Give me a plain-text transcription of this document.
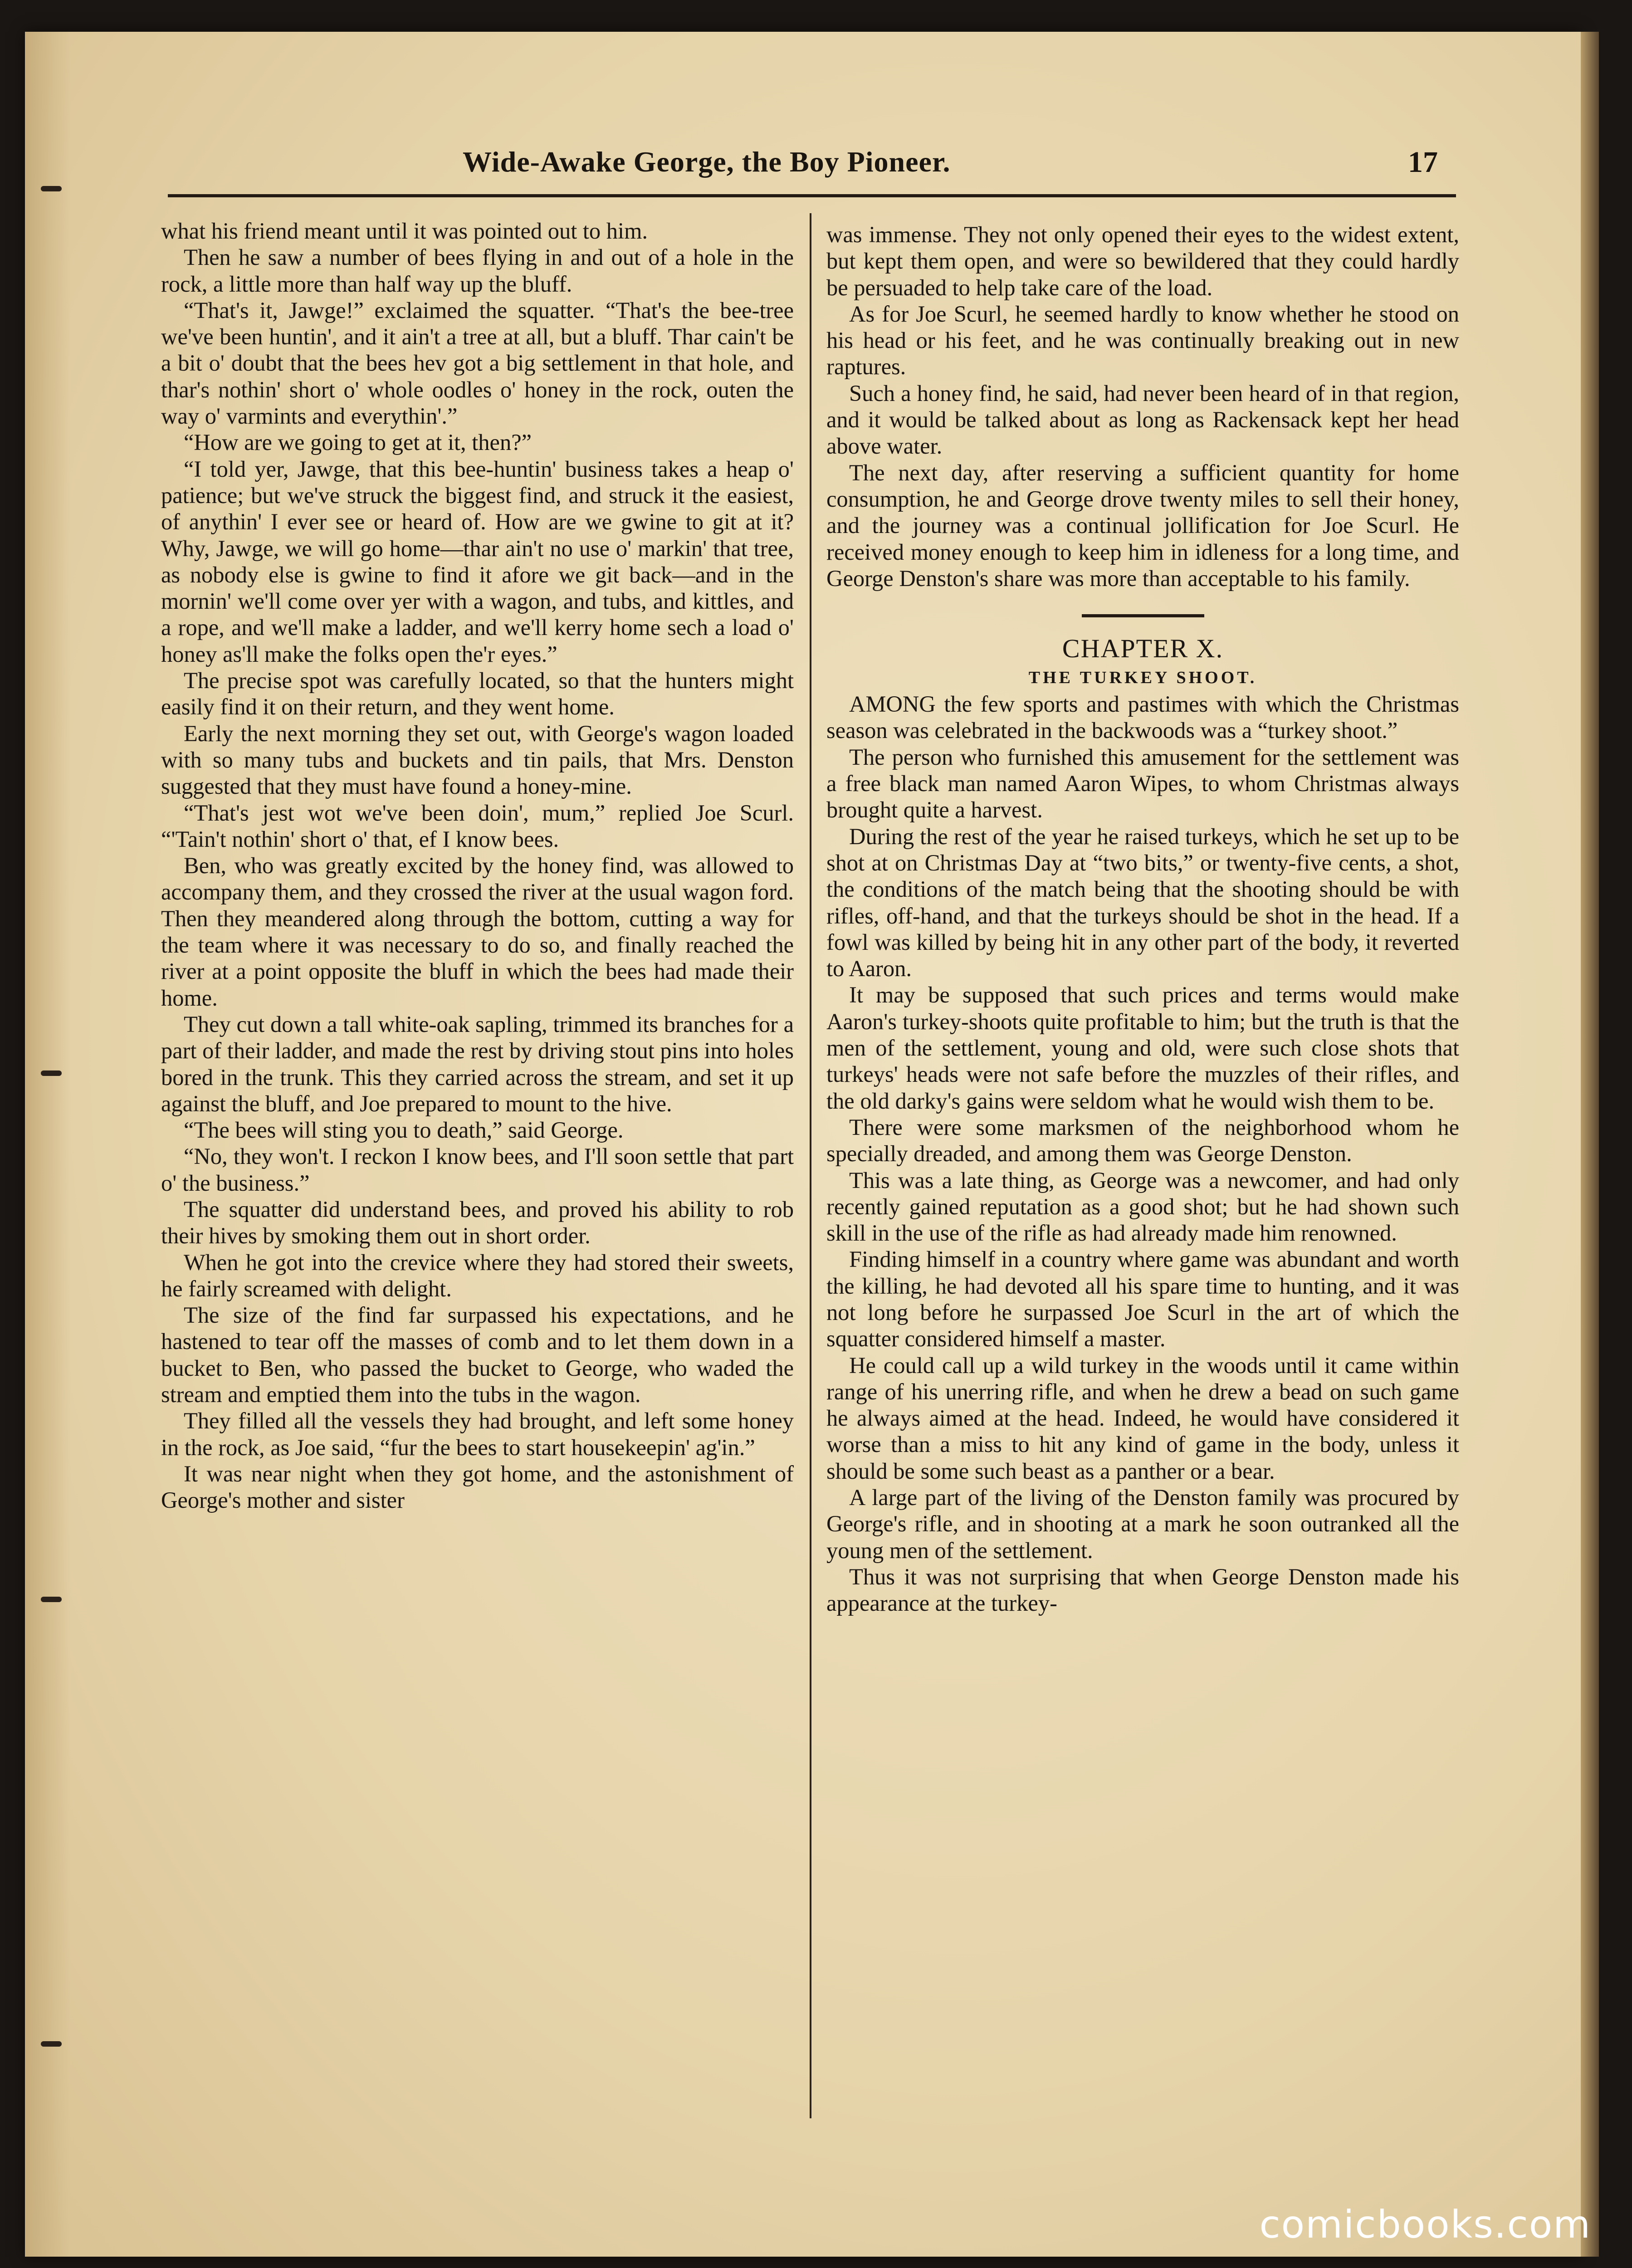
Wide-Awake George, the Boy Pioneer.	17

what his friend meant until it was pointed out to him.

Then he saw a number of bees flying in and out of a hole in the rock, a little more than half way up the bluff.

“That's it, Jawge!” exclaimed the squatter. “That's the bee-tree we've been huntin', and it ain't a tree at all, but a bluff. Thar cain't be a bit o' doubt that the bees hev got a big settlement in that hole, and thar's nothin' short o' whole oodles o' honey in the rock, outen the way o' varmints and everythin'.”

“How are we going to get at it, then?”

“I told yer, Jawge, that this bee-huntin' business takes a heap o' patience; but we've struck the biggest find, and struck it the easiest, of anythin' I ever see or heard of. How are we gwine to git at it? Why, Jawge, we will go home—thar ain't no use o' markin' that tree, as nobody else is gwine to find it afore we git back—and in the mornin' we'll come over yer with a wagon, and tubs, and kittles, and a rope, and we'll make a ladder, and we'll kerry home sech a load o' honey as'll make the folks open the'r eyes.”

The precise spot was carefully located, so that the hunters might easily find it on their return, and they went home.

Early the next morning they set out, with George's wagon loaded with so many tubs and buckets and tin pails, that Mrs. Denston suggested that they must have found a honey-mine.

“That's jest wot we've been doin', mum,” replied Joe Scurl. “'Tain't nothin' short o' that, ef I know bees.

Ben, who was greatly excited by the honey find, was allowed to accompany them, and they crossed the river at the usual wagon ford. Then they meandered along through the bottom, cutting a way for the team where it was necessary to do so, and finally reached the river at a point opposite the bluff in which the bees had made their home.

They cut down a tall white-oak sapling, trimmed its branches for a part of their ladder, and made the rest by driving stout pins into holes bored in the trunk. This they carried across the stream, and set it up against the bluff, and Joe prepared to mount to the hive.

“The bees will sting you to death,” said George.

“No, they won't. I reckon I know bees, and I'll soon settle that part o' the business.”

The squatter did understand bees, and proved his ability to rob their hives by smoking them out in short order.

When he got into the crevice where they had stored their sweets, he fairly screamed with delight.

The size of the find far surpassed his expectations, and he hastened to tear off the masses of comb and to let them down in a bucket to Ben, who passed the bucket to George, who waded the stream and emptied them into the tubs in the wagon.

They filled all the vessels they had brought, and left some honey in the rock, as Joe said, “fur the bees to start housekeepin' ag'in.”

It was near night when they got home, and the astonishment of George's mother and sister

was immense. They not only opened their eyes to the widest extent, but kept them open, and were so bewildered that they could hardly be persuaded to help take care of the load.

As for Joe Scurl, he seemed hardly to know whether he stood on his head or his feet, and he was continually breaking out in new raptures.

Such a honey find, he said, had never been heard of in that region, and it would be talked about as long as Rackensack kept her head above water.

The next day, after reserving a sufficient quantity for home consumption, he and George drove twenty miles to sell their honey, and the journey was a continual jollification for Joe Scurl. He received money enough to keep him in idleness for a long time, and George Denston's share was more than acceptable to his family.

CHAPTER X.

THE TURKEY SHOOT.

AMONG the few sports and pastimes with which the Christmas season was celebrated in the backwoods was a “turkey shoot.”

The person who furnished this amusement for the settlement was a free black man named Aaron Wipes, to whom Christmas always brought quite a harvest.

During the rest of the year he raised turkeys, which he set up to be shot at on Christmas Day at “two bits,” or twenty-five cents, a shot, the conditions of the match being that the shooting should be with rifles, off-hand, and that the turkeys should be shot in the head. If a fowl was killed by being hit in any other part of the body, it reverted to Aaron.

It may be supposed that such prices and terms would make Aaron's turkey-shoots quite profitable to him; but the truth is that the men of the settlement, young and old, were such close shots that turkeys' heads were not safe before the muzzles of their rifles, and the old darky's gains were seldom what he would wish them to be.

There were some marksmen of the neighborhood whom he specially dreaded, and among them was George Denston.

This was a late thing, as George was a newcomer, and had only recently gained reputation as a good shot; but he had shown such skill in the use of the rifle as had already made him renowned.

Finding himself in a country where game was abundant and worth the killing, he had devoted all his spare time to hunting, and it was not long before he surpassed Joe Scurl in the art of which the squatter considered himself a master.

He could call up a wild turkey in the woods until it came within range of his unerring rifle, and when he drew a bead on such game he always aimed at the head. Indeed, he would have considered it worse than a miss to hit any kind of game in the body, unless it should be some such beast as a panther or a bear.

A large part of the living of the Denston family was procured by George's rifle, and in shooting at a mark he soon outranked all the young men of the settlement.

Thus it was not surprising that when George Denston made his appearance at the turkey-

comicbooks.com
